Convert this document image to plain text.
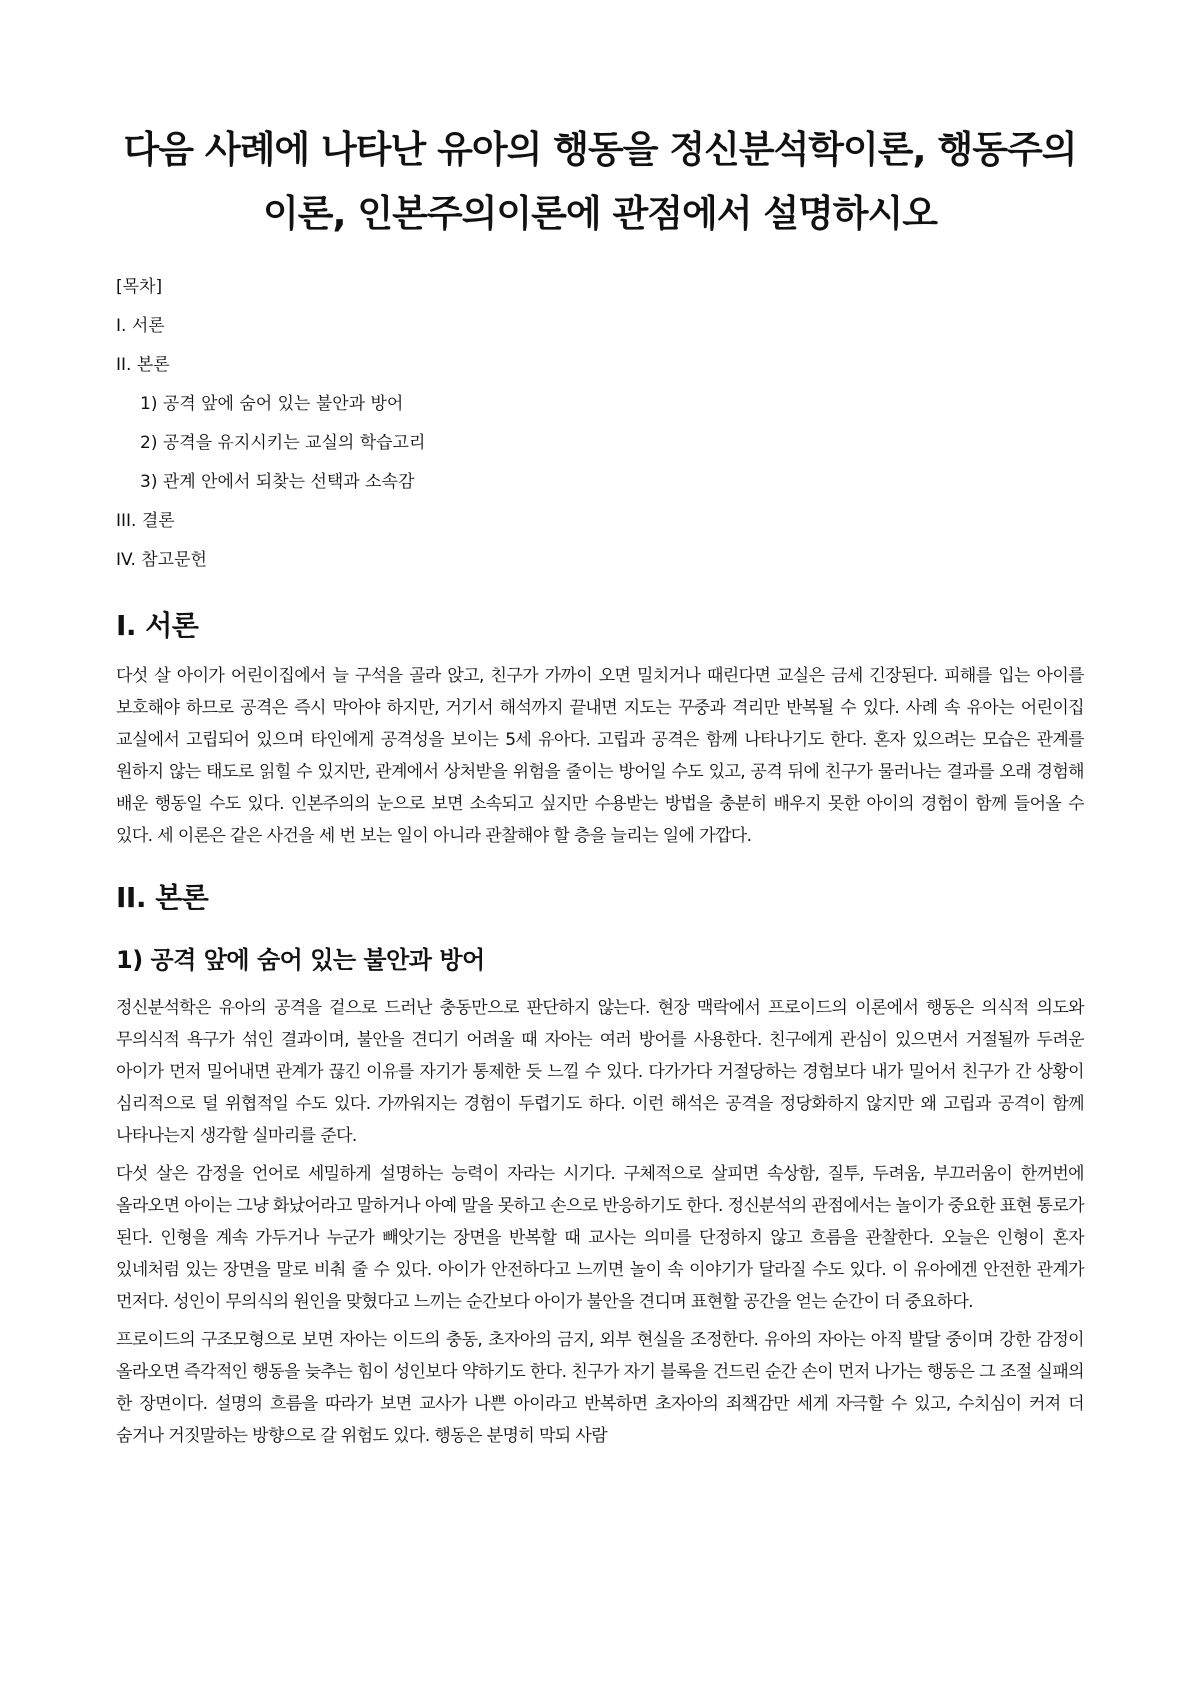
다음 사례에 나타난 유아의 행동을 정신분석학이론, 행동주의 이론, 인본주의이론에 관점에서 설명하시오
[목차]
I. 서론
II. 본론
1) 공격 앞에 숨어 있는 불안과 방어
2) 공격을 유지시키는 교실의 학습고리
3) 관계 안에서 되찾는 선택과 소속감
III. 결론
IV. 참고문헌
I. 서론

다섯 살 아이가 어린이집에서 늘 구석을 골라 앉고, 친구가 가까이 오면 밀치거나 때린다면 교실은 금세 긴장된다. 피해를 입는 아이를 보호해야 하므로 공격은 즉시 막아야 하지만, 거기서 해석까지 끝내면 지도는 꾸중과 격리만 반복될 수 있다. 사례 속 유아는 어린이집 교실에서 고립되어 있으며 타인에게 공격성을 보이는 5세 유아다. 고립과 공격은 함께 나타나기도 한다. 혼자 있으려는 모습은 관계를 원하지 않는 태도로 읽힐 수 있지만, 관계에서 상처받을 위험을 줄이는 방어일 수도 있고, 공격 뒤에 친구가 물러나는 결과를 오래 경험해 배운 행동일 수도 있다. 인본주의의 눈으로 보면 소속되고 싶지만 수용받는 방법을 충분히 배우지 못한 아이의 경험이 함께 들어올 수 있다. 세 이론은 같은 사건을 세 번 보는 일이 아니라 관찰해야 할 층을 늘리는 일에 가깝다.

II. 본론
1) 공격 앞에 숨어 있는 불안과 방어

정신분석학은 유아의 공격을 겉으로 드러난 충동만으로 판단하지 않는다. 현장 맥락에서 프로이드의 이론에서 행동은 의식적 의도와 무의식적 욕구가 섞인 결과이며, 불안을 견디기 어려울 때 자아는 여러 방어를 사용한다. 친구에게 관심이 있으면서 거절될까 두려운 아이가 먼저 밀어내면 관계가 끊긴 이유를 자기가 통제한 듯 느낄 수 있다. 다가가다 거절당하는 경험보다 내가 밀어서 친구가 간 상황이 심리적으로 덜 위협적일 수도 있다. 가까워지는 경험이 두렵기도 하다. 이런 해석은 공격을 정당화하지 않지만 왜 고립과 공격이 함께 나타나는지 생각할 실마리를 준다.

다섯 살은 감정을 언어로 세밀하게 설명하는 능력이 자라는 시기다. 구체적으로 살피면 속상함, 질투, 두려움, 부끄러움이 한꺼번에 올라오면 아이는 그냥 화났어라고 말하거나 아예 말을 못하고 손으로 반응하기도 한다. 정신분석의 관점에서는 놀이가 중요한 표현 통로가 된다. 인형을 계속 가두거나 누군가 빼앗기는 장면을 반복할 때 교사는 의미를 단정하지 않고 흐름을 관찰한다. 오늘은 인형이 혼자 있네처럼 있는 장면을 말로 비춰 줄 수 있다. 아이가 안전하다고 느끼면 놀이 속 이야기가 달라질 수도 있다. 이 유아에겐 안전한 관계가 먼저다. 성인이 무의식의 원인을 맞혔다고 느끼는 순간보다 아이가 불안을 견디며 표현할 공간을 얻는 순간이 더 중요하다.

프로이드의 구조모형으로 보면 자아는 이드의 충동, 초자아의 금지, 외부 현실을 조정한다. 유아의 자아는 아직 발달 중이며 강한 감정이 올라오면 즉각적인 행동을 늦추는 힘이 성인보다 약하기도 한다. 친구가 자기 블록을 건드린 순간 손이 먼저 나가는 행동은 그 조절 실패의 한 장면이다. 설명의 흐름을 따라가 보면 교사가 나쁜 아이라고 반복하면 초자아의 죄책감만 세게 자극할 수 있고, 수치심이 커져 더 숨거나 거짓말하는 방향으로 갈 위험도 있다. 행동은 분명히 막되 사람
